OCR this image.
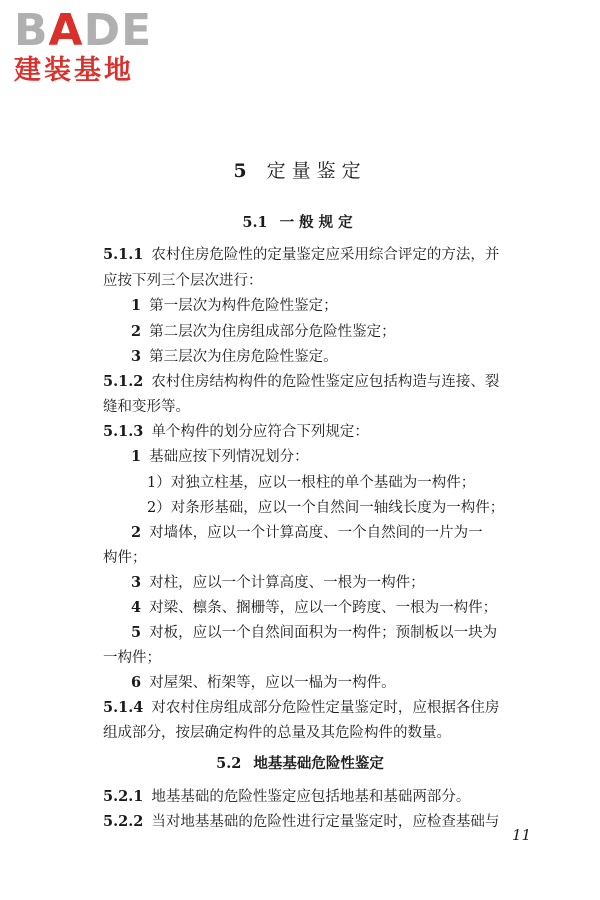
BADE
建装基地
5 定量鉴定
5.1 一般规定
5.1.1 农村住房危险性的定量鉴定应采用综合评定的方法，并
应按下列三个层次进行：
1 第一层次为构件危险性鉴定；
2 第二层次为住房组成部分危险性鉴定；
3 第三层次为住房危险性鉴定。
5.1.2 农村住房结构构件的危险性鉴定应包括构造与连接、裂
缝和变形等。
5.1.3 单个构件的划分应符合下列规定：
1 基础应按下列情况划分：
1）对独立柱基，应以一根柱的单个基础为一构件；
2）对条形基础，应以一个自然间一轴线长度为一构件；
2 对墙体，应以一个计算高度、一个自然间的一片为一
构件；
3 对柱，应以一个计算高度、一根为一构件；
4 对梁、檩条、搁栅等，应以一个跨度、一根为一构件；
5 对板，应以一个自然间面积为一构件；预制板以一块为
一构件；
6 对屋架、桁架等，应以一榀为一构件。
5.1.4 对农村住房组成部分危险性定量鉴定时，应根据各住房
组成部分，按层确定构件的总量及其危险构件的数量。
5.2 地基基础危险性鉴定
5.2.1 地基基础的危险性鉴定应包括地基和基础两部分。
5.2.2 当对地基基础的危险性进行定量鉴定时，应检查基础与
11
